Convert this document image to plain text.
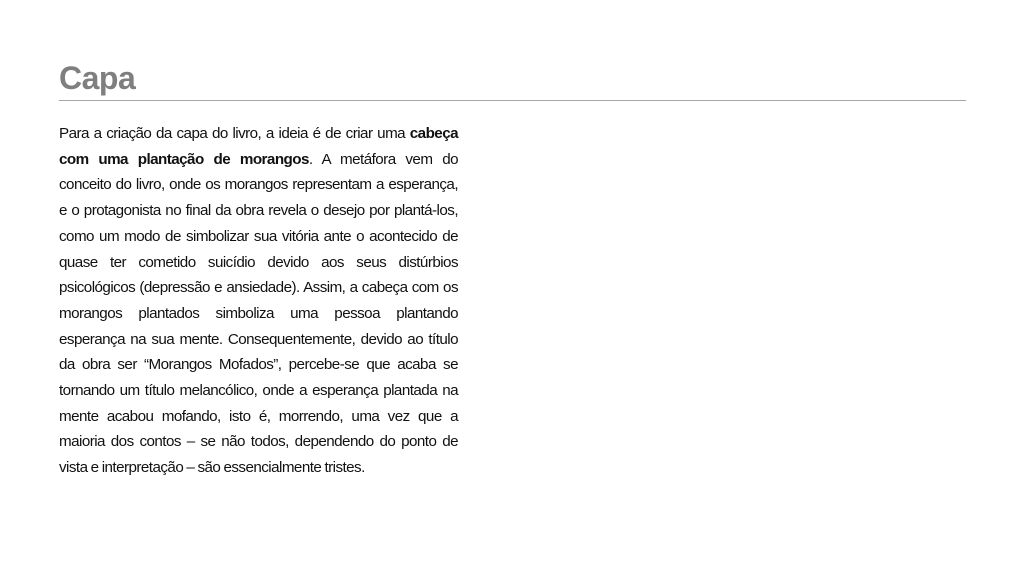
Capa

Para a criação da capa do livro, a ideia é de criar uma cabeça com uma plantação de morangos. A metáfora vem do conceito do livro, onde os morangos representam a esperança, e o protagonista no final da obra revela o desejo por plantá-los, como um modo de simbolizar sua vitória ante o acontecido de quase ter cometido suicídio devido aos seus distúrbios psicológicos (depressão e ansiedade). Assim, a cabeça com os morangos plantados simboliza uma pessoa plantando esperança na sua mente. Consequentemente, devido ao título da obra ser “Morangos Mofados”, percebe-se que acaba se tornando um título melancólico, onde a esperança plantada na mente acabou mofando, isto é, morrendo, uma vez que a maioria dos contos – se não todos, dependendo do ponto de vista e interpretação – são essencialmente tristes.
